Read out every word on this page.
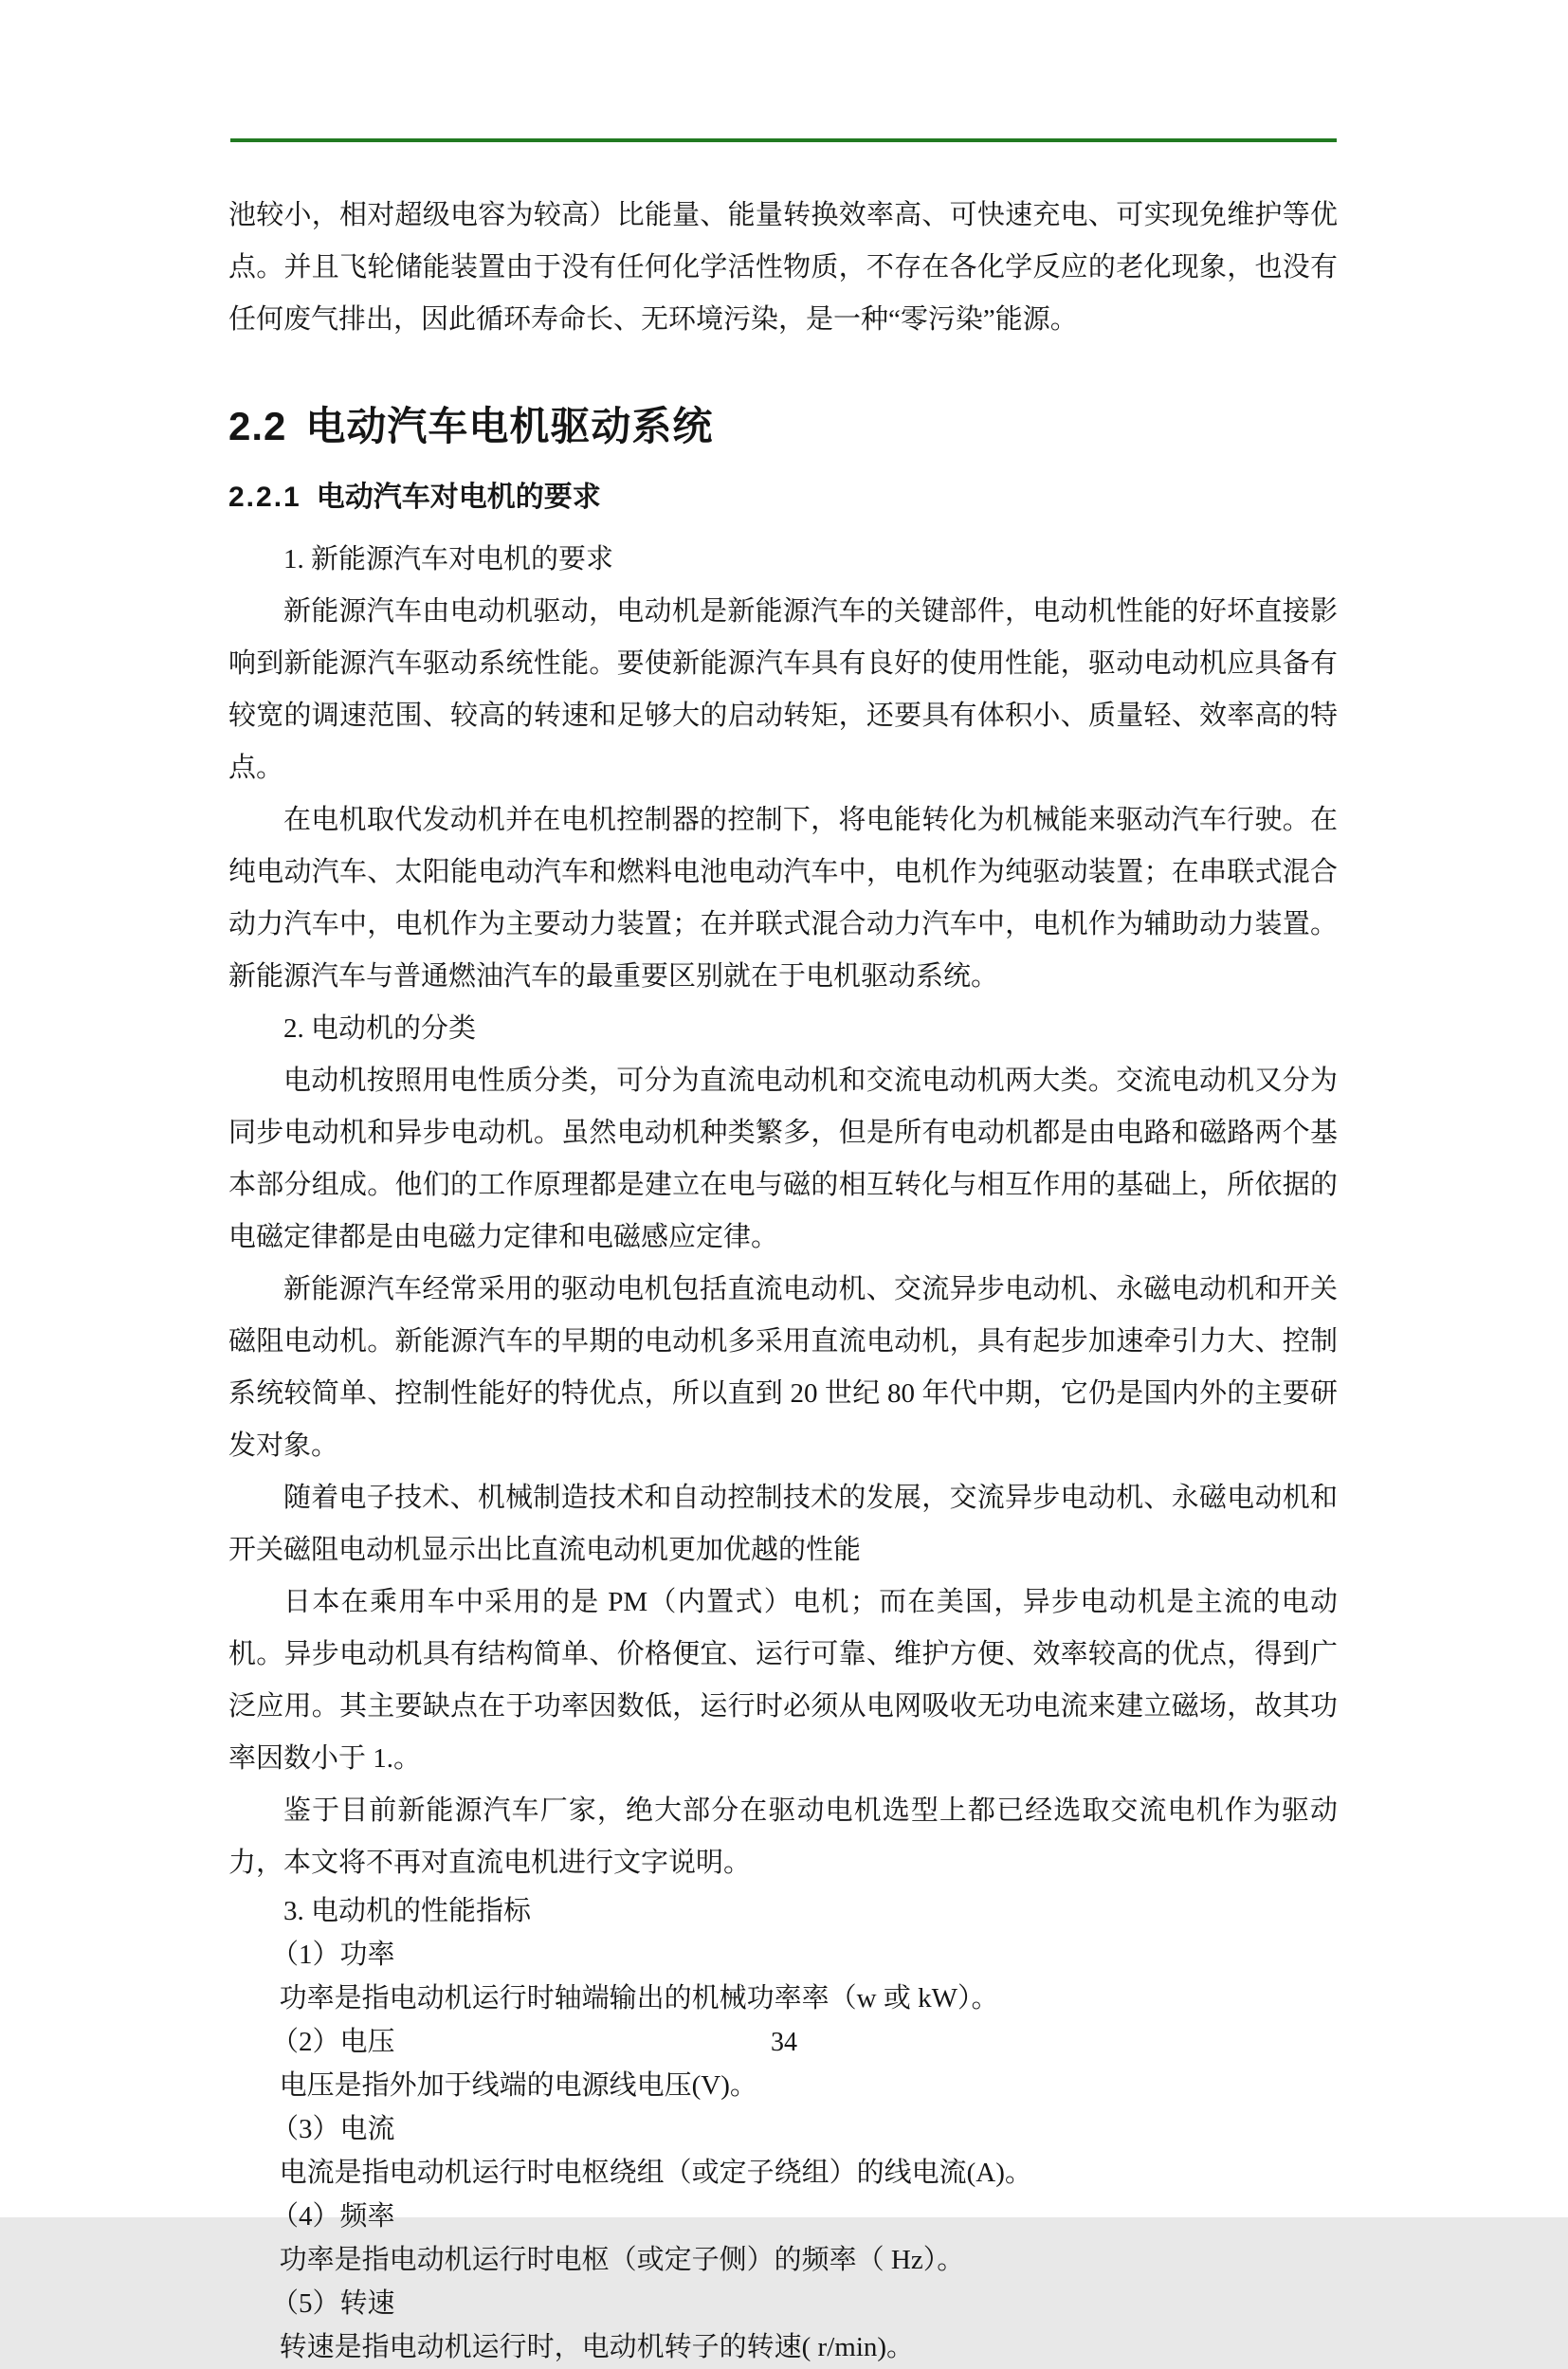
池较小，相对超级电容为较高）比能量、能量转换效率高、可快速充电、可实现免维护等优点。并且飞轮储能装置由于没有任何化学活性物质，不存在各化学反应的老化现象，也没有任何废气排出，因此循环寿命长、无环境污染，是一种“零污染”能源。

2.2 电动汽车电机驱动系统
2.2.1 电动汽车对电机的要求

1. 新能源汽车对电机的要求

新能源汽车由电动机驱动，电动机是新能源汽车的关键部件，电动机性能的好坏直接影响到新能源汽车驱动系统性能。要使新能源汽车具有良好的使用性能，驱动电动机应具备有较宽的调速范围、较高的转速和足够大的启动转矩，还要具有体积小、质量轻、效率高的特点。

在电机取代发动机并在电机控制器的控制下，将电能转化为机械能来驱动汽车行驶。在纯电动汽车、太阳能电动汽车和燃料电池电动汽车中，电机作为纯驱动装置；在串联式混合动力汽车中，电机作为主要动力装置；在并联式混合动力汽车中，电机作为辅助动力装置。新能源汽车与普通燃油汽车的最重要区别就在于电机驱动系统。

2. 电动机的分类

电动机按照用电性质分类，可分为直流电动机和交流电动机两大类。交流电动机又分为同步电动机和异步电动机。虽然电动机种类繁多，但是所有电动机都是由电路和磁路两个基本部分组成。他们的工作原理都是建立在电与磁的相互转化与相互作用的基础上，所依据的电磁定律都是由电磁力定律和电磁感应定律。

新能源汽车经常采用的驱动电机包括直流电动机、交流异步电动机、永磁电动机和开关磁阻电动机。新能源汽车的早期的电动机多采用直流电动机，具有起步加速牵引力大、控制系统较简单、控制性能好的特优点，所以直到 20 世纪 80 年代中期，它仍是国内外的主要研发对象。

随着电子技术、机械制造技术和自动控制技术的发展，交流异步电动机、永磁电动机和开关磁阻电动机显示出比直流电动机更加优越的性能

日本在乘用车中采用的是 PM（内置式）电机；而在美国，异步电动机是主流的电动机。异步电动机具有结构简单、价格便宜、运行可靠、维护方便、效率较高的优点，得到广泛应用。其主要缺点在于功率因数低，运行时必须从电网吸收无功电流来建立磁场，故其功率因数小于 1.。

鉴于目前新能源汽车厂家，绝大部分在驱动电机选型上都已经选取交流电机作为驱动力，本文将不再对直流电机进行文字说明。

3. 电动机的性能指标

（1）功率

功率是指电动机运行时轴端输出的机械功率率（w 或 kW）。

（2）电压

电压是指外加于线端的电源线电压(V)。

（3）电流

电流是指电动机运行时电枢绕组（或定子绕组）的线电流(A)。

（4）频率

功率是指电动机运行时电枢（或定子侧）的频率（ Hz）。

（5）转速

转速是指电动机运行时，电动机转子的转速( r/min)。

34
